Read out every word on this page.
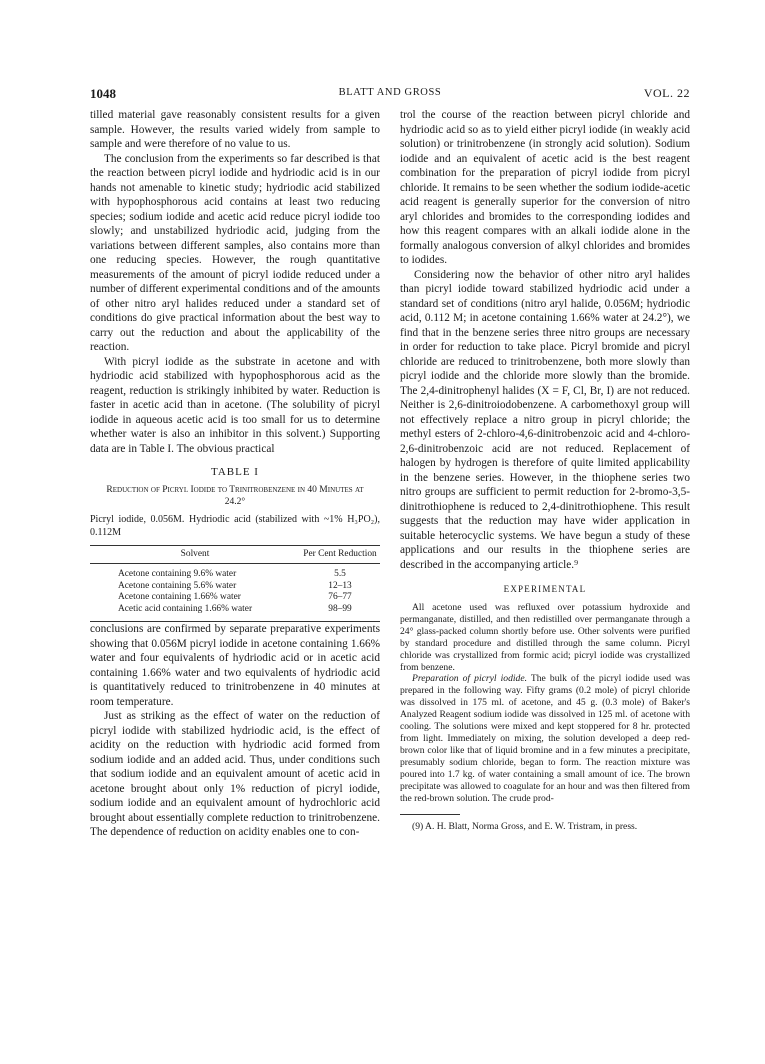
1048	BLATT AND GROSS	VOL. 22

tilled material gave reasonably consistent results for a given sample. However, the results varied widely from sample to sample and were therefore of no value to us.

The conclusion from the experiments so far described is that the reaction between picryl iodide and hydriodic acid is in our hands not amenable to kinetic study; hydriodic acid stabilized with hypophosphorous acid contains at least two reducing species; sodium iodide and acetic acid reduce picryl iodide too slowly; and unstabilized hydriodic acid, judging from the variations between different samples, also contains more than one reducing species. However, the rough quantitative measurements of the amount of picryl iodide reduced under a number of different experimental conditions and of the amounts of other nitro aryl halides reduced under a standard set of conditions do give practical information about the best way to carry out the reduction and about the applicability of the reaction.

With picryl iodide as the substrate in acetone and with hydriodic acid stabilized with hypophosphorous acid as the reagent, reduction is strikingly inhibited by water. Reduction is faster in acetic acid than in acetone. (The solubility of picryl iodide in aqueous acetic acid is too small for us to determine whether water is also an inhibitor in this solvent.) Supporting data are in Table I. The obvious practical

TABLE I
Reduction of Picryl Iodide to Trinitrobenzene in 40 Minutes at 24.2°
Picryl iodide, 0.056M. Hydriodic acid (stabilized with ~1% H₃PO₂), 0.112M
Solvent	Per Cent Reduction
Acetone containing 9.6% water	5.5
Acetone containing 5.6% water	12–13
Acetone containing 1.66% water	76–77
Acetic acid containing 1.66% water	98–99

conclusions are confirmed by separate preparative experiments showing that 0.056M picryl iodide in acetone containing 1.66% water and four equivalents of hydriodic acid or in acetic acid containing 1.66% water and two equivalents of hydriodic acid is quantitatively reduced to trinitrobenzene in 40 minutes at room temperature.

Just as striking as the effect of water on the reduction of picryl iodide with stabilized hydriodic acid, is the effect of acidity on the reduction with hydriodic acid formed from sodium iodide and an added acid. Thus, under conditions such that sodium iodide and an equivalent amount of acetic acid in acetone brought about only 1% reduction of picryl iodide, sodium iodide and an equivalent amount of hydrochloric acid brought about essentially complete reduction to trinitrobenzene. The dependence of reduction on acidity enables one to con-

trol the course of the reaction between picryl chloride and hydriodic acid so as to yield either picryl iodide (in weakly acid solution) or trinitrobenzene (in strongly acid solution). Sodium iodide and an equivalent of acetic acid is the best reagent combination for the preparation of picryl iodide from picryl chloride. It remains to be seen whether the sodium iodide-acetic acid reagent is generally superior for the conversion of nitro aryl chlorides and bromides to the corresponding iodides and how this reagent compares with an alkali iodide alone in the formally analogous conversion of alkyl chlorides and bromides to iodides.

Considering now the behavior of other nitro aryl halides than picryl iodide toward stabilized hydriodic acid under a standard set of conditions (nitro aryl halide, 0.056M; hydriodic acid, 0.112 M; in acetone containing 1.66% water at 24.2°), we find that in the benzene series three nitro groups are necessary in order for reduction to take place. Picryl bromide and picryl chloride are reduced to trinitrobenzene, both more slowly than picryl iodide and the chloride more slowly than the bromide. The 2,4-dinitrophenyl halides (X = F, Cl, Br, I) are not reduced. Neither is 2,6-dinitroiodobenzene. A carbomethoxyl group will not effectively replace a nitro group in picryl chloride; the methyl esters of 2-chloro-4,6-dinitrobenzoic acid and 4-chloro-2,6-dinitrobenzoic acid are not reduced. Replacement of halogen by hydrogen is therefore of quite limited applicability in the benzene series. However, in the thiophene series two nitro groups are sufficient to permit reduction for 2-bromo-3,5-dinitrothiophene is reduced to 2,4-dinitrothiophene. This result suggests that the reduction may have wider application in suitable heterocyclic systems. We have begun a study of these applications and our results in the thiophene series are described in the accompanying article.⁹

EXPERIMENTAL

All acetone used was refluxed over potassium hydroxide and permanganate, distilled, and then redistilled over permanganate through a 24° glass-packed column shortly before use. Other solvents were purified by standard procedure and distilled through the same column. Picryl chloride was crystallized from formic acid; picryl iodide was crystallized from benzene.

Preparation of picryl iodide. The bulk of the picryl iodide used was prepared in the following way. Fifty grams (0.2 mole) of picryl chloride was dissolved in 175 ml. of acetone, and 45 g. (0.3 mole) of Baker's Analyzed Reagent sodium iodide was dissolved in 125 ml. of acetone with cooling. The solutions were mixed and kept stoppered for 8 hr. protected from light. Immediately on mixing, the solution developed a deep red-brown color like that of liquid bromine and in a few minutes a precipitate, presumably sodium chloride, began to form. The reaction mixture was poured into 1.7 kg. of water containing a small amount of ice. The brown precipitate was allowed to coagulate for an hour and was then filtered from the red-brown solution. The crude prod-

(9) A. H. Blatt, Norma Gross, and E. W. Tristram, in press.
